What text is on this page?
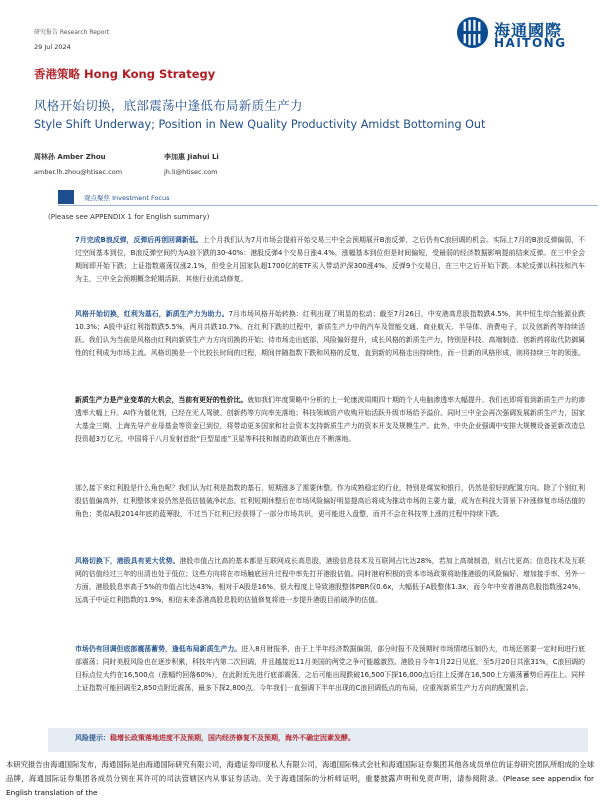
研究报告 Research Report
29 Jul 2024
海通國際
HAITONG
香港策略 Hong Kong Strategy
风格开始切换，底部震荡中逢低布局新质生产力
Style Shift Underway; Position in New Quality Productivity Amidst Bottoming Out
周林孙 Amber Zhou
amber.lh.zhou@htisec.com
李加惠 Jiahui Li
jh.li@htisec.com
观点聚焦 Investment Focus
(Please see APPENDIX 1 for English summary)
7月完成B浪反弹，反弹后再创回调新低。上个月我们认为7月市场会提前开始交易三中全会预期展开B浪反弹，之后仍有C浪回调的机会。实际上7月的B浪反弹偏弱，不过空间基本到位，B浪反弹空间约为A浪下跌的30-40%：港股反弹4个交易日涨4.4%，涨幅基本到位但是时间偏短，受最弱的经济数据影响提前结束反弹。在三中全会期间即开始下跌；上证指数震荡仅涨2.1%，但受全月国家队超1700亿的ETF买入带动沪深300涨4%，反弹9个交易日，在三中之后开始下跌。本轮反弹以科技和汽车为主，三中全会预期概念轮期活跃、其他行业流动修复。
风格开始切换，红利为基石，新质生产力为助力。7月市场风格开始转换：红利出现了明显的松动；截至7月26日，中安港高息股指数跌4.5%，其中恒生综合能源业跌10.3%；A股中证红利指数跌5.5%，两月共跌10.7%。在红利下跌的过程中，新质生产力中的汽车及智能交通、商业航天、半导体、消费电子，以及创新药等持续活跃。我们认为当前是风格由红利向新质生产力方向切换的开始；待市场走出底部，风险偏好提升，成长风格的新质生产力，特别是科技、高端制造、创新药将取代防御属性的红利成为市场主流。风格切换是一个比较长时间的过程，期间伴随指数下跌和风格的反复，直到新的风格走出持续性，而一旦新的风格形成，则将持续三年的领涨。
新质生产力是产业变革的大机会，当前有更好的性价比。就如我们年度策略中分析的上一轮康波周期四十期的个人电脑渗透率大幅提升、我们也即将看到新质生产力的渗透率大幅上升。AI作为催化剂，已经在无人驾驶、创新药等方向率先落地；科技领域资产收购开始活跃升级市场给予溢价。同时三中全会再次强调发展新质生产力，国家大基金三期、上海先导产业母基金等资金已到位，将带动更多国家和社会资本支持新质生产力的资本开支及规模生产。此外，中央企业强调中安排大规模设备更新改造总投资超3万亿元，中国将于八月发射首批“巨型星座”卫星等科技和制造的政策也在不断落地。
那么接下来红利股是什么角色呢？我们认为红利是指数的基石，短期涨多了需要休整。作为成熟稳定的行业，特别是煤炭和银行，仍然是很好的配置方向。除了个别红利股估值偏高外，红利整体来说仍然是低估值破净状态。红利短期休整后在市场风险偏好明显提高后将成为推动市场的主要力量，成为在科技大背景下补涨修复市场估值的角色；类似A股2014年底的蓝筹股，不过当下红利已经获得了一部分市场共识，更可能进入盘整，而并不会在科技等上涨的过程中持续下跌。
风格切换下，港股具有更大优势。港股市值占比高的基本都是互联网成长高息股，港股信息技术及互联网占比达28%，若加上高端制造，则占比更高；信息技术及互联网的估值经过三年的出清也处于低位；这些方向将在市场触底回升过程中率先打开港股估值。同时港府积极的资本市场政策将助推港股的风险偏好、增加接手率、另外一方面，港股股息率高于5%的市值占比达43%，相对于A股是16%，很大程度上导致港股整体PBR仅0.6x，大幅低于A股整体1.3x，而今年中安普港高息股指数涨24%，远高于中证红利指数的1.9%，相信未来香港高股息股的估值修复将进一步提升港股目前破净的估值。
市场仍有回调但底部震荡蓄势，逢低布局新质生产力。进入8月财报季，由于上半年经济数据偏弱，部分时报不及预期时市场情绪压制仍大，市场还需要一定时间进行底部震荡；同时美股风险也在逐步积累，科技年内第二次回调，并且越接近11月美国的两党之争可能越激烈。港股自今年1月22日见底，至5月20日共涨31%，C浪回调的目标点位大约在16,500点（涨幅约回落60%），在此附近先进行底部震荡，之后可能出现跌破16,500下探16,000点后往上反弹在16,500上方震荡蓄势后再往上。同样上证指数可能回调至2,850点附近震荡，最多下探2,800点。今年我们一直强调下半年出现的C浪回调低点的布局，应重视新质生产力方向的配置机会。
风险提示：稳增长政策落地进度不及预期，国内经济修复不及预期，海外不确定因素发酵。
本研究报告由海通国际发布，海通国际是由海通国际研究有限公司，海通证券印度私人有限公司，海通国际株式会社和海通国际证券集团其他各成员单位的证券研究团队所组成的全球品牌，海通国际证券集团各成员分别在其许可的司法管辖区内从事证券活动。关于海通国际的分析师证明，重要披露声明和免责声明，请参阅附录。(Please see appendix for English translation of the
